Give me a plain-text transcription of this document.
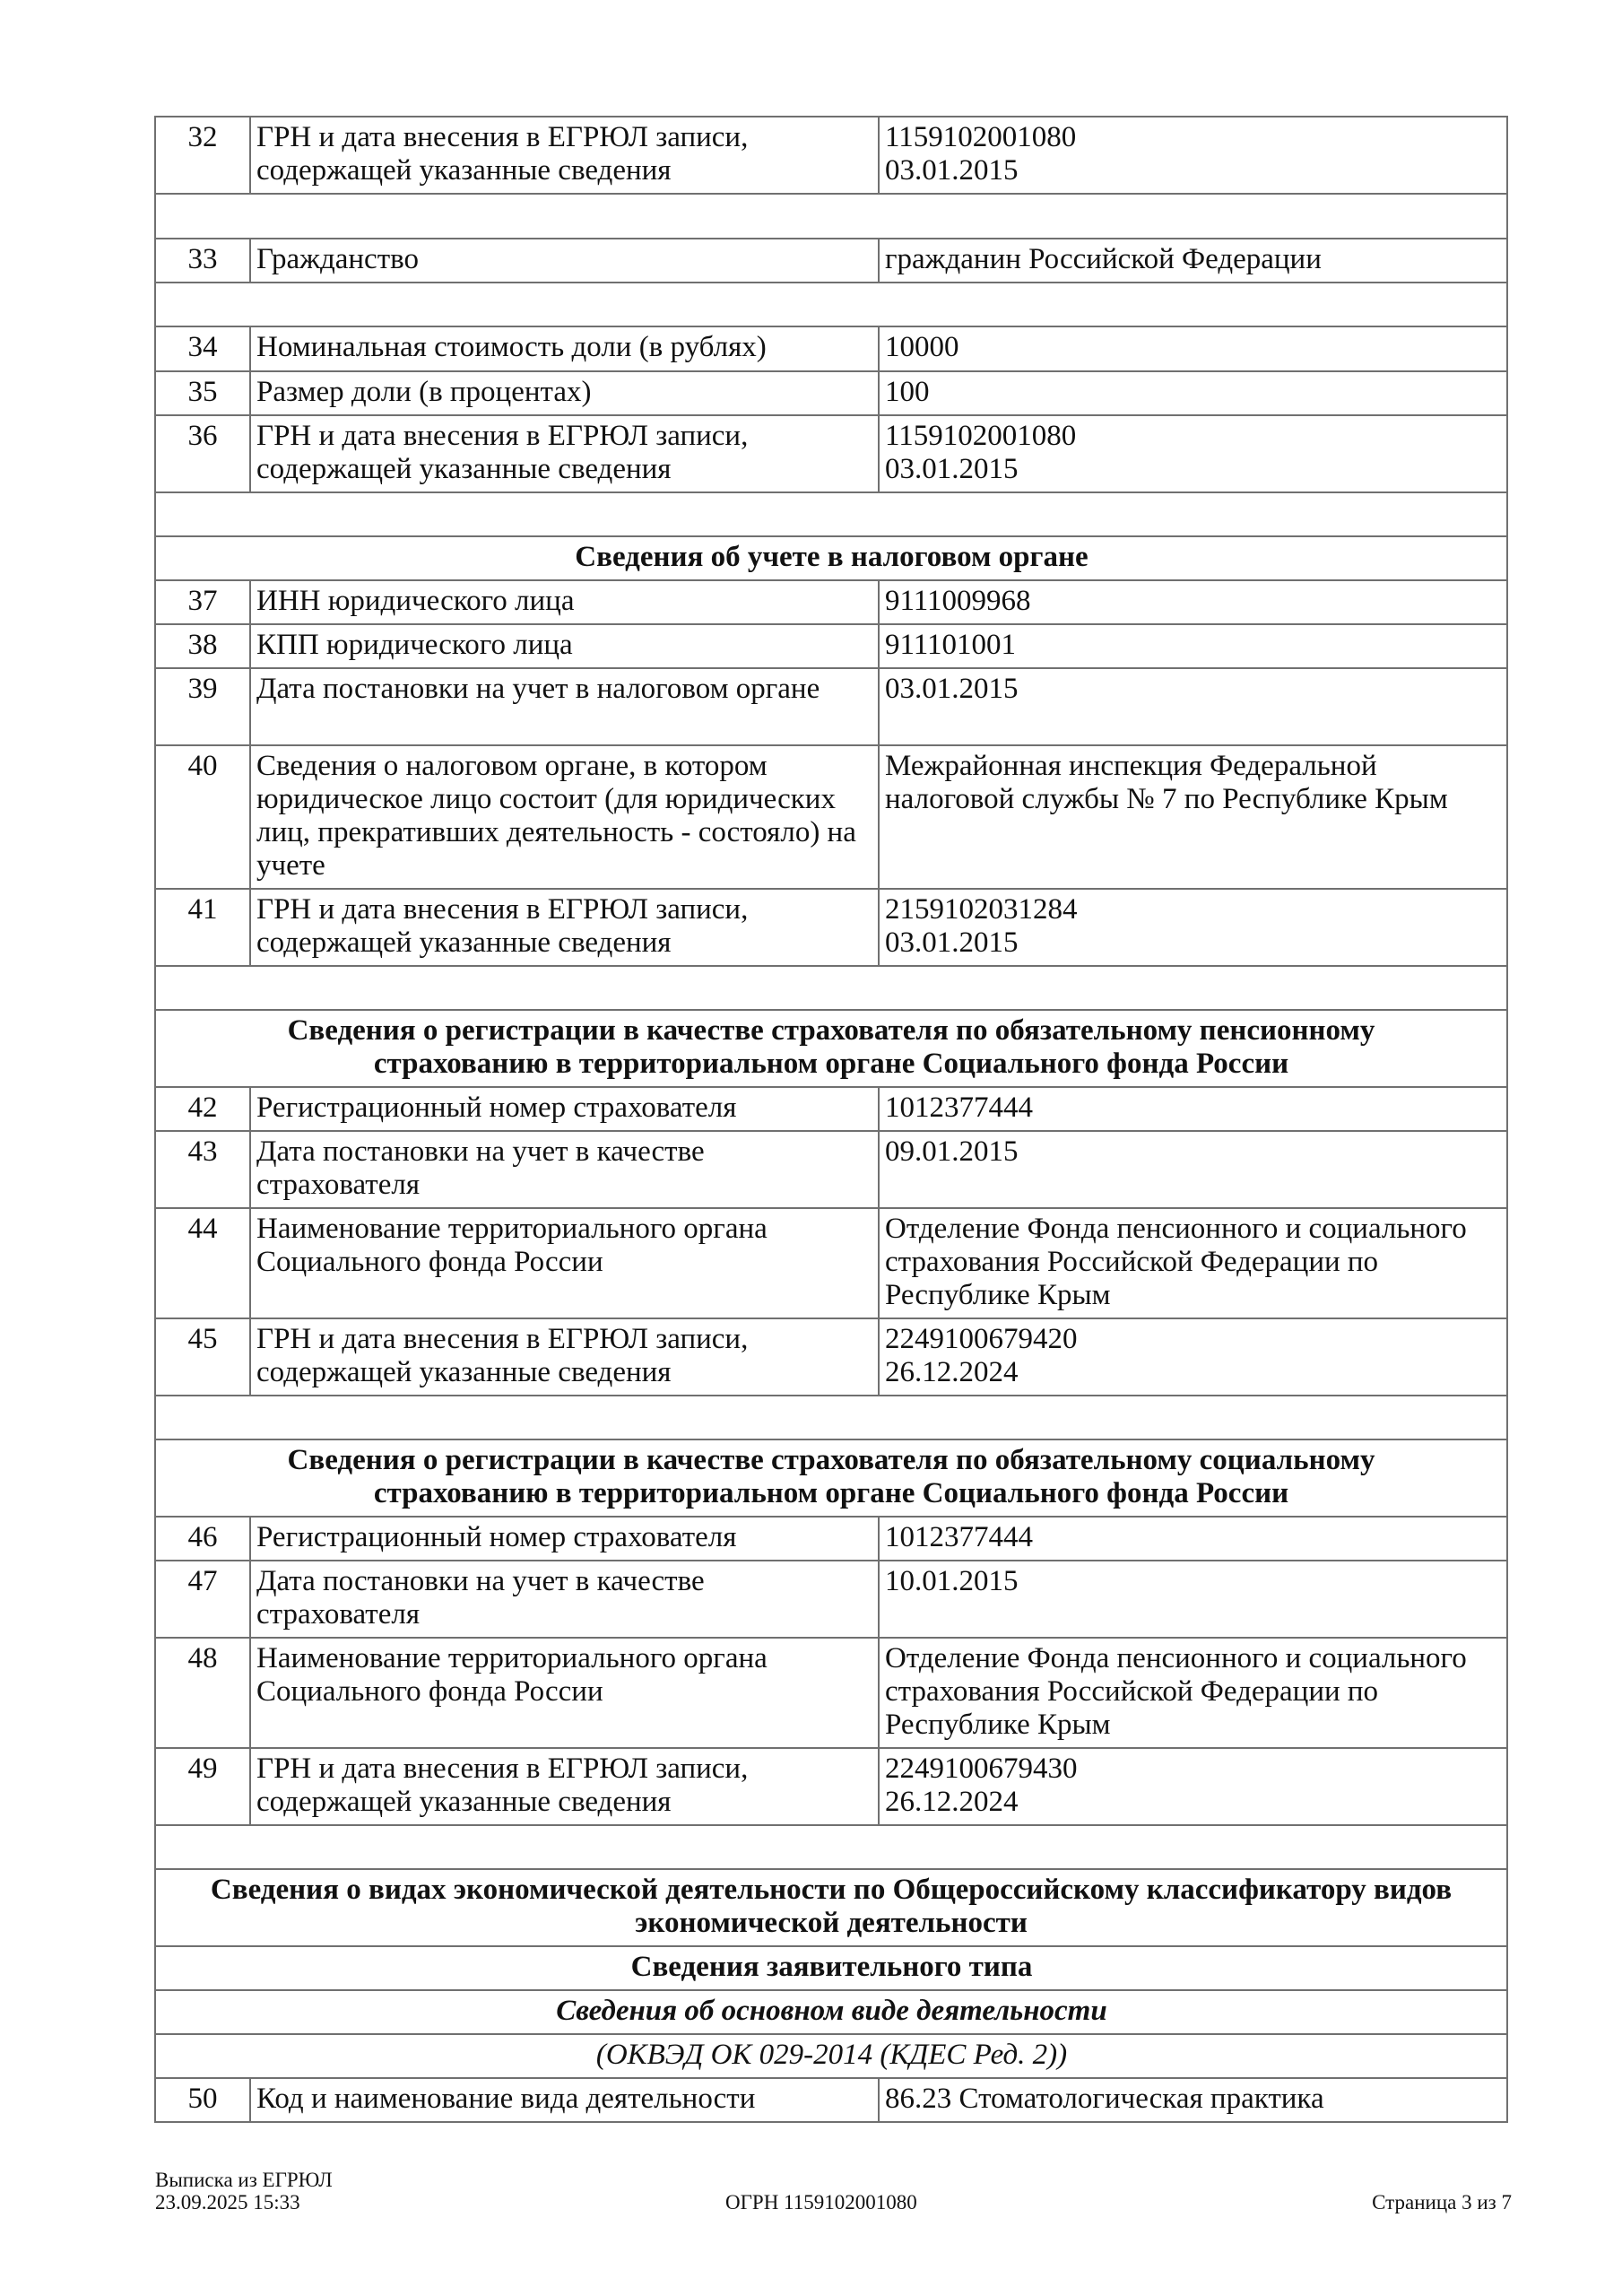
32	ГРН и дата внесения в ЕГРЮЛ записи, содержащей указанные сведения	1159102001080
03.01.2015

33	Гражданство	гражданин Российской Федерации

34	Номинальная стоимость доли (в рублях)	10000

35	Размер доли (в процентах)	100

36	ГРН и дата внесения в ЕГРЮЛ записи, содержащей указанные сведения	1159102001080
03.01.2015

Сведения об учете в налоговом органе		
37	ИНН юридического лица	9111009968

38	КПП юридического лица	911101001

39	Дата постановки на учет в налоговом органе	03.01.2015

40	Сведения о налоговом органе, в котором юридическое лицо состоит (для юридических лиц, прекративших деятельность - состояло) на учете	Межрайонная инспекция Федеральной налоговой службы № 7 по Республике Крым

41	ГРН и дата внесения в ЕГРЮЛ записи, содержащей указанные сведения	2159102031284
03.01.2015

Сведения о регистрации в качестве страхователя по обязательному пенсионному страхованию в территориальном органе Социального фонда России		
42	Регистрационный номер страхователя	1012377444

43	Дата постановки на учет в качестве страхователя	09.01.2015

44	Наименование территориального органа Социального фонда России	Отделение Фонда пенсионного и социального страхования Российской Федерации по Республике Крым

45	ГРН и дата внесения в ЕГРЮЛ записи, содержащей указанные сведения	2249100679420
26.12.2024

Сведения о регистрации в качестве страхователя по обязательному социальному страхованию в территориальном органе Социального фонда России		
46	Регистрационный номер страхователя	1012377444

47	Дата постановки на учет в качестве страхователя	10.01.2015

48	Наименование территориального органа Социального фонда России	Отделение Фонда пенсионного и социального страхования Российской Федерации по Республике Крым

49	ГРН и дата внесения в ЕГРЮЛ записи, содержащей указанные сведения	2249100679430
26.12.2024

Сведения о видах экономической деятельности по Общероссийскому классификатору видов экономической деятельности		
Сведения заявительного типа		
Сведения об основном виде деятельности		
(ОКВЭД ОК 029-2014 (КДЕС Ред. 2))		
50	Код и наименование вида деятельности	86.23 Стоматологическая практика
Выписка из ЕГРЮЛ
23.09.2025 15:33	ОГРН 1159102001080	Страница 3 из 7
